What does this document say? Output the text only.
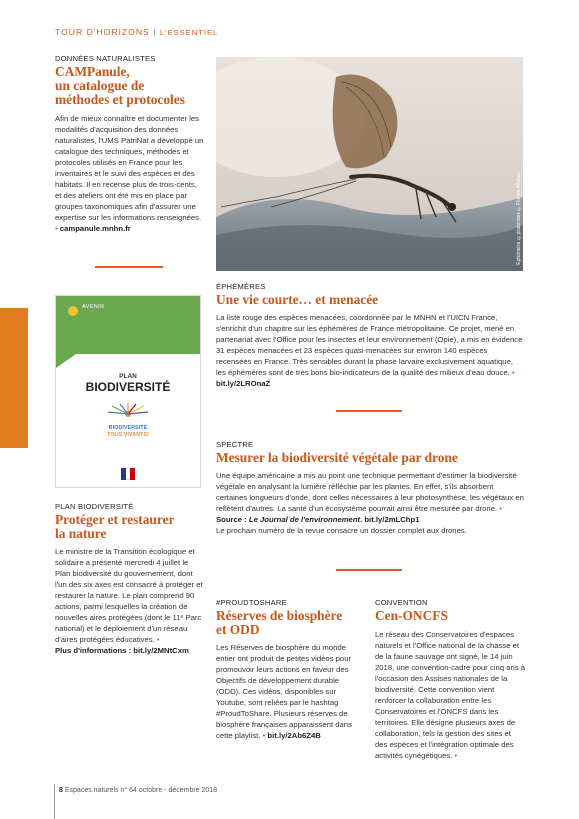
TOUR D'HORIZONS | L'ESSENTIEL
DONNÉES NATURALISTES
CAMPanule,
un catalogue de
méthodes et protocoles
Afin de mieux connaître et documenter les modalités d'acquisition des données naturalistes, l'UMS PatriNat a développé un catalogue des techniques, méthodes et protocoles utilisés en France pour les inventaires et le suivi des espèces et des habitats. Il en recense plus de trois-cents, et des ateliers ont été mis en place par groupes taxonomiques afin d'assurer une expertise sur les informations renseignées. • campanule.mnhn.fr	Ephémère ©pratenses ©Florian Affulou
ÉPHÉMÈRES
Une vie courte… et menacée
La liste rouge des espèces menacées, coordonnée par le MNHN et l'UICN France, s'enrichit d'un chapitre sur les éphémères de France métropolitaine. Ce projet, mené en partenariat avec l'Office pour les insectes et leur environnement (Opie), a mis en évidence 31 espèces menacées et 23 espèces quasi-menacées sur environ 140 espèces recensées en France. Très sensibles durant la phase larvaire exclusivement aquatique, les éphémères sont de très bons bio-indicateurs de la qualité des milieux d'eau douce. • bit.ly/2LROnaZ
AVENIR
PLAN
BIODIVERSITÉ
BIODIVERSITÉ
TOUS VIVANTS!
PLAN BIODIVERSITÉ
Protéger et restaurer
la nature
Le ministre de la Transition écologique et solidaire a présenté mercredi 4 juillet le Plan biodiversité du gouvernement, dont l'un des six axes est consacré à protéger et restaurer la nature. Le plan comprend 90 actions, parmi lesquelles la création de nouvelles aires protégées (dont le 11ᵉ Parc national) et le déploiement d'un réseau d'aires protégées éducatives. •
Plus d'informations : bit.ly/2MNtCxm
SPECTRE
Mesurer la biodiversité végétale par drone
Une équipe américaine a mis au point une technique permettant d'estimer la biodiversité végétale en analysant la lumière réfléchie par les plantes. En effet, s'ils absorbent certaines longueurs d'onde, dont celles nécessaires à leur photosynthèse, les végétaux en reflètent d'autres. La santé d'un écosystème pourrait ainsi être mesurée par drone. • Source : Le Journal de l'environnement. bit.ly/2mLChp1
Le prochain numéro de la revue consacre un dossier complet aux drones.
#PROUDTOSHARE
Réserves de biosphère
et ODD
Les Réserves de biosphère du monde entier ont produit de petites vidéos pour promouvoir leurs actions en faveur des Objectifs de développement durable (ODD). Ces vidéos, disponibles sur Youtube, sont reliées par le hashtag #ProudToShare. Plusieurs réserves de biosphère françaises apparaissent dans cette playlist. • bit.ly/2Ab6Z4B
CONVENTION
Cen-ONCFS
Le réseau des Conservatoires d'espaces naturels et l'Office national de la chasse et de la faune sauvage ont signé, le 14 juin 2018, une convention-cadre pour cinq ans à l'occasion des Assises nationales de la biodiversité. Cette convention vient renforcer la collaboration entre les Conservatoires et l'ONCFS dans les territoires. Elle désigne plusieurs axes de collaboration, tels la gestion des sites et des espèces et l'intégration optimale des activités cynégétiques. •
8 Espaces naturels n° 64 octobre - décembre 2018
